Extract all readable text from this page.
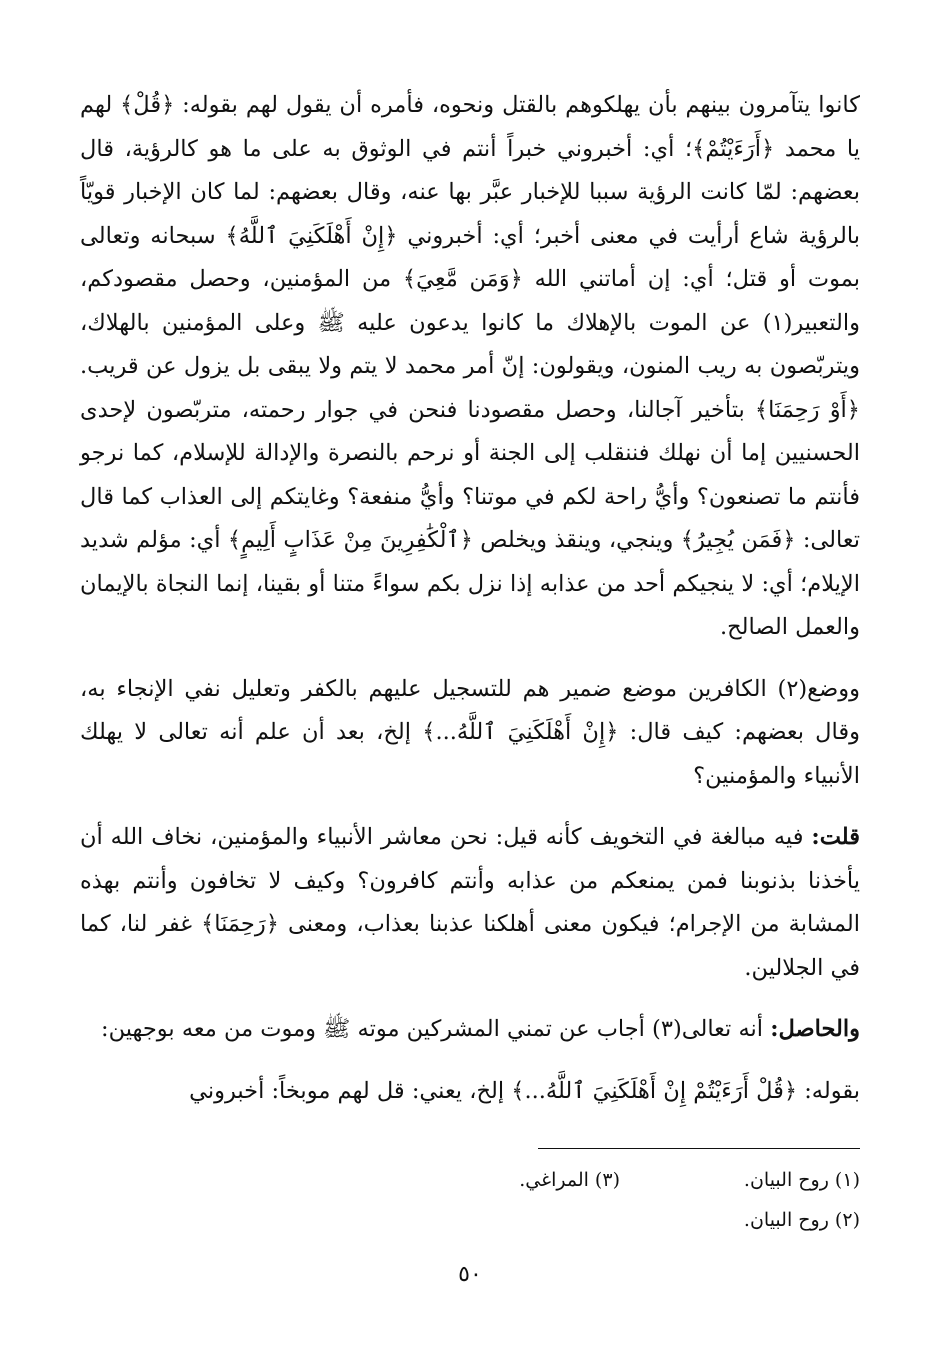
كانوا يتآمرون بينهم بأن يهلكوهم بالقتل ونحوه، فأمره أن يقول لهم بقوله: ﴿قُلْ﴾ لهم يا محمد ﴿أَرَءَيْتُمْ﴾؛ أي: أخبروني خبراً أنتم في الوثوق به على ما هو كالرؤية، قال بعضهم: لمّا كانت الرؤية سببا للإخبار عبَّر بها عنه، وقال بعضهم: لما كان الإخبار قويّاً بالرؤية شاع أرأيت في معنى أخبر؛ أي: أخبروني ﴿إِنْ أَهْلَكَنِيَ ٱللَّهُ﴾ سبحانه وتعالى بموت أو قتل؛ أي: إن أماتني الله ﴿وَمَن مَّعِيَ﴾ من المؤمنين، وحصل مقصودكم، والتعبير(١) عن الموت بالإهلاك ما كانوا يدعون عليه ﷺ وعلى المؤمنين بالهلاك، ويتربّصون به ريب المنون، ويقولون: إنّ أمر محمد لا يتم ولا يبقى بل يزول عن قريب. ﴿أَوْ رَحِمَنَا﴾ بتأخير آجالنا، وحصل مقصودنا فنحن في جوار رحمته، متربّصون لإحدى الحسنيين إما أن نهلك فننقلب إلى الجنة أو نرحم بالنصرة والإدالة للإسلام، كما نرجو فأنتم ما تصنعون؟ وأيُّ راحة لكم في موتنا؟ وأيُّ منفعة؟ وغايتكم إلى العذاب كما قال تعالى: ﴿فَمَن يُجِيرُ﴾ وينجي، وينقذ ويخلص ﴿ٱلْكَٰفِرِينَ مِنْ عَذَابٍ أَلِيمٍ﴾ أي: مؤلم شديد الإيلام؛ أي: لا ينجيكم أحد من عذابه إذا نزل بكم سواءً متنا أو بقينا، إنما النجاة بالإيمان والعمل الصالح.

ووضع(٢) الكافرين موضع ضمير هم للتسجيل عليهم بالكفر وتعليل نفي الإنجاء به، وقال بعضهم: كيف قال: ﴿إِنْ أَهْلَكَنِيَ ٱللَّهُ...﴾ إلخ، بعد أن علم أنه تعالى لا يهلك الأنبياء والمؤمنين؟

قلت: فيه مبالغة في التخويف كأنه قيل: نحن معاشر الأنبياء والمؤمنين، نخاف الله أن يأخذنا بذنوبنا فمن يمنعكم من عذابه وأنتم كافرون؟ وكيف لا تخافون وأنتم بهذه المشابة من الإجرام؛ فيكون معنى أهلكنا عذبنا بعذاب، ومعنى ﴿رَحِمَنَا﴾ غفر لنا، كما في الجلالين.

والحاصل: أنه تعالى(٣) أجاب عن تمني المشركين موته ﷺ وموت من معه بوجهين:

بقوله: ﴿قُلْ أَرَءَيْتُمْ إِنْ أَهْلَكَنِيَ ٱللَّهُ...﴾ إلخ، يعني: قل لهم موبخاً: أخبروني

(١) روح البيان.
(٣) المراغي.
(٢) روح البيان.
٥٠
